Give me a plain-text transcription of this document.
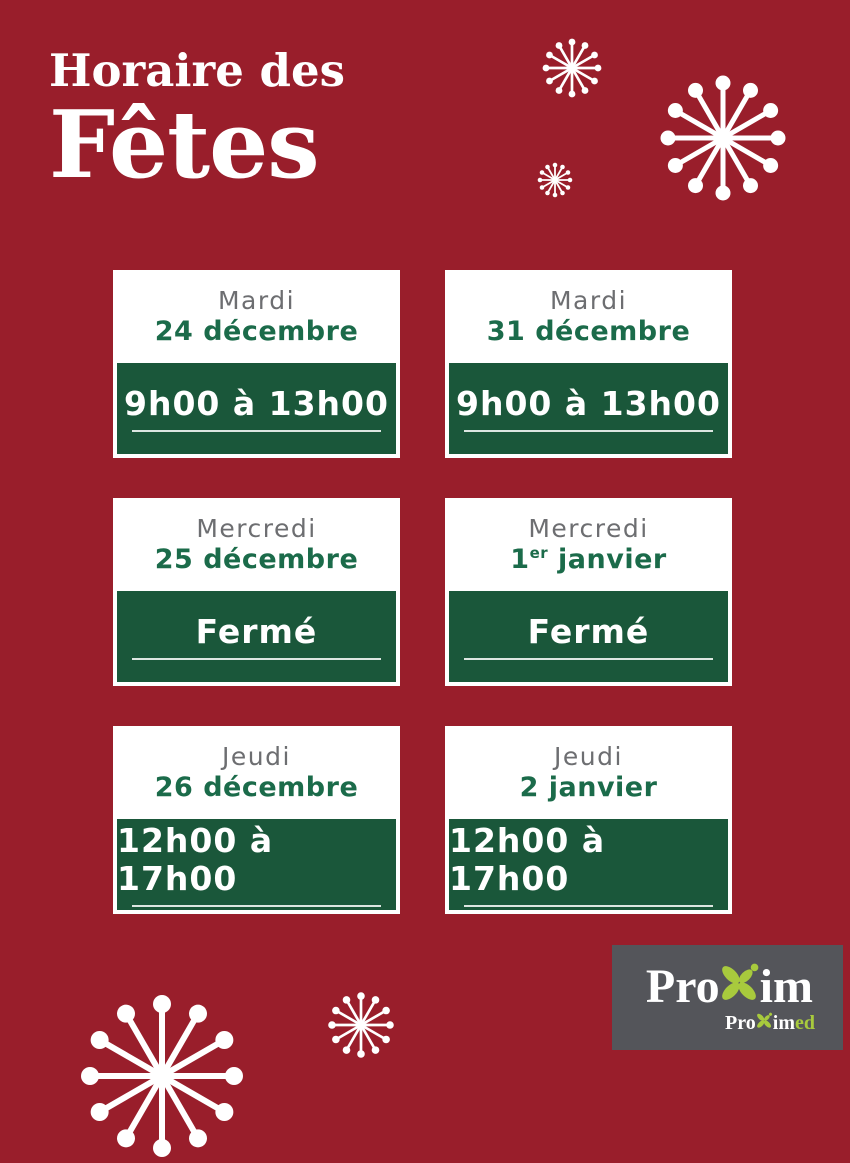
Horaire des
Fêtes
Mardi
24 décembre
9h00 à 13h00
Mardi
31 décembre
9h00 à 13h00
Mercredi
25 décembre
Fermé
Mercredi
1er janvier
Fermé
Jeudi
26 décembre
12h00 à 17h00
Jeudi
2 janvier
12h00 à 17h00
Pro im
Pro im ed
